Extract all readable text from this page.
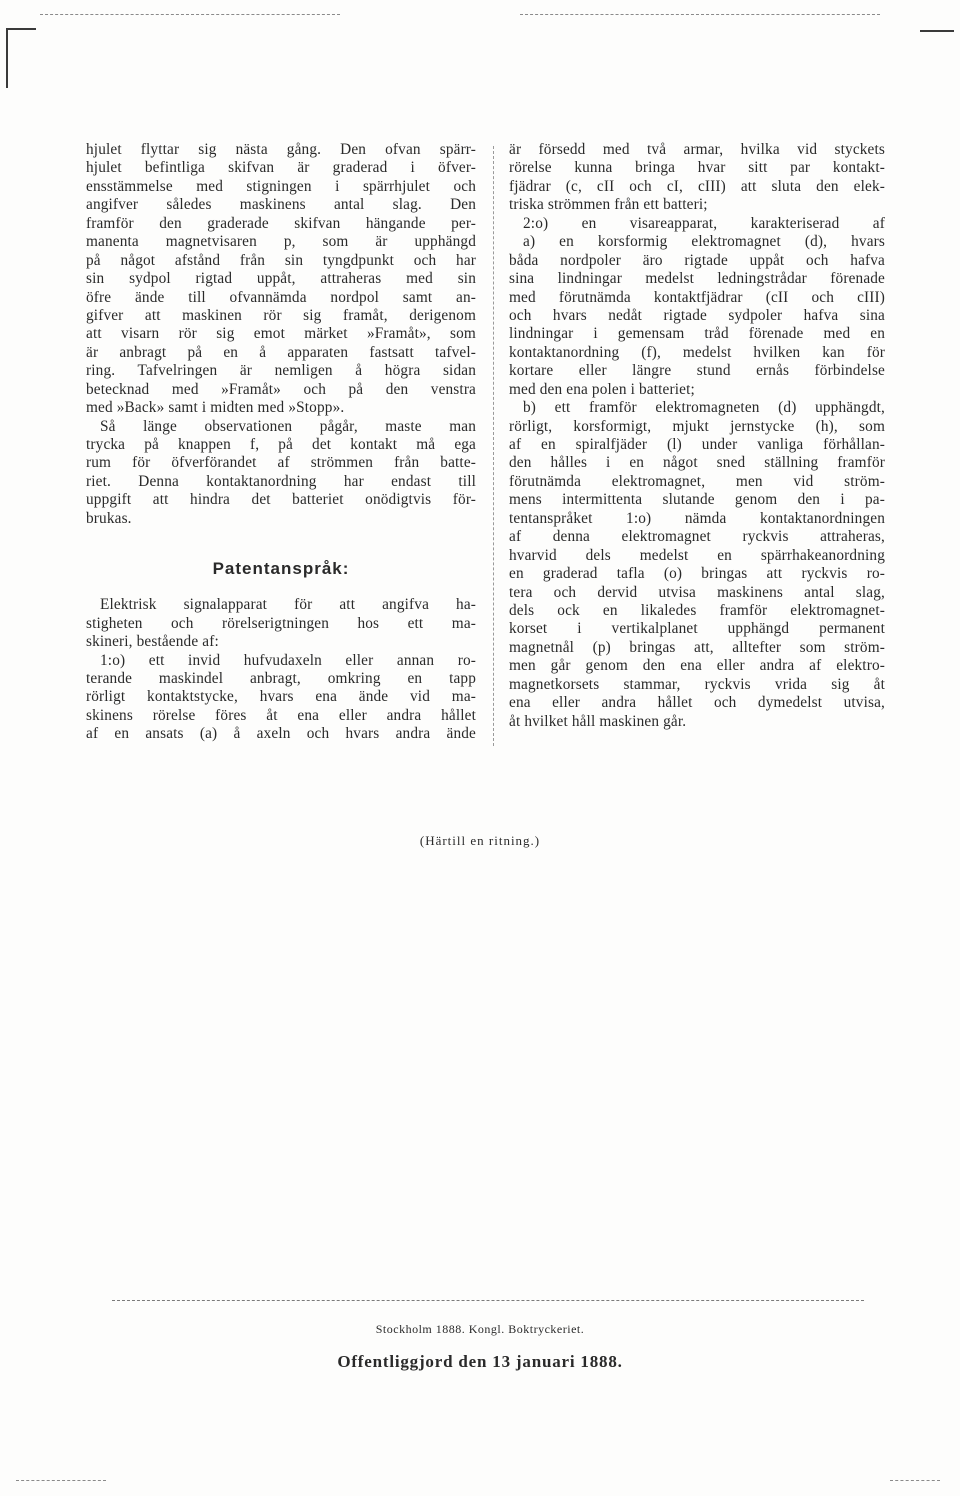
hjulet flyttar sig nästa gång. Den ofvan spärr-
hjulet befintliga skifvan är graderad i öfver-
ensstämmelse med stigningen i spärrhjulet och
angifver således maskinens antal slag. Den
framför den graderade skifvan hängande per-
manenta magnetvisaren p, som är upphängd
på något afstånd från sin tyngdpunkt och har
sin sydpol rigtad uppåt, attraheras med sin
öfre ände till ofvannämda nordpol samt an-
gifver att maskinen rör sig framåt, derigenom
att visarn rör sig emot märket »Framåt», som
är anbragt på en å apparaten fastsatt tafvel-
ring. Tafvelringen är nemligen å högra sidan
betecknad med »Framåt» och på den venstra
med »Back» samt i midten med »Stopp».
Så länge observationen pågår, maste man
trycka på knappen f, på det kontakt må ega
rum för öfverförandet af strömmen från batte-
riet. Denna kontaktanordning har endast till
uppgift att hindra det batteriet onödigtvis för-
brukas.
Patentanspråk:
Elektrisk signalapparat för att angifva ha-
stigheten och rörelserigtningen hos ett ma-
skineri, bestående af:
1:o) ett invid hufvudaxeln eller annan ro-
terande maskindel anbragt, omkring en tapp
rörligt kontaktstycke, hvars ena ände vid ma-
skinens rörelse föres åt ena eller andra hållet
af en ansats (a) å axeln och hvars andra ände
är försedd med två armar, hvilka vid styckets
rörelse kunna bringa hvar sitt par kontakt-
fjädrar (c, cII och cI, cIII) att sluta den elek-
triska strömmen från ett batteri;
2:o) en visareapparat, karakteriserad af
a) en korsformig elektromagnet (d), hvars
båda nordpoler äro rigtade uppåt och hafva
sina lindningar medelst ledningstrådar förenade
med förutnämda kontaktfjädrar (cII och cIII)
och hvars nedåt rigtade sydpoler hafva sina
lindningar i gemensam tråd förenade med en
kontaktanordning (f), medelst hvilken kan för
kortare eller längre stund ernås förbindelse
med den ena polen i batteriet;
b) ett framför elektromagneten (d) upphängdt,
rörligt, korsformigt, mjukt jernstycke (h), som
af en spiralfjäder (l) under vanliga förhållan-
den hålles i en något sned ställning framför
förutnämda elektromagnet, men vid ström-
mens intermittenta slutande genom den i pa-
tentanspråket 1:o) nämda kontaktanordningen
af denna elektromagnet ryckvis attraheras,
hvarvid dels medelst en spärrhakeanordning
en graderad tafla (o) bringas att ryckvis ro-
tera och dervid utvisa maskinens antal slag,
dels ock en likaledes framför elektromagnet-
korset i vertikalplanet upphängd permanent
magnetnål (p) bringas att, alltefter som ström-
men går genom den ena eller andra af elektro-
magnetkorsets stammar, ryckvis vrida sig åt
ena eller andra hållet och dymedelst utvisa,
åt hvilket håll maskinen går.
(Härtill en ritning.)
Stockholm 1888. Kongl. Boktryckeriet.
Offentliggjord den 13 januari 1888.
